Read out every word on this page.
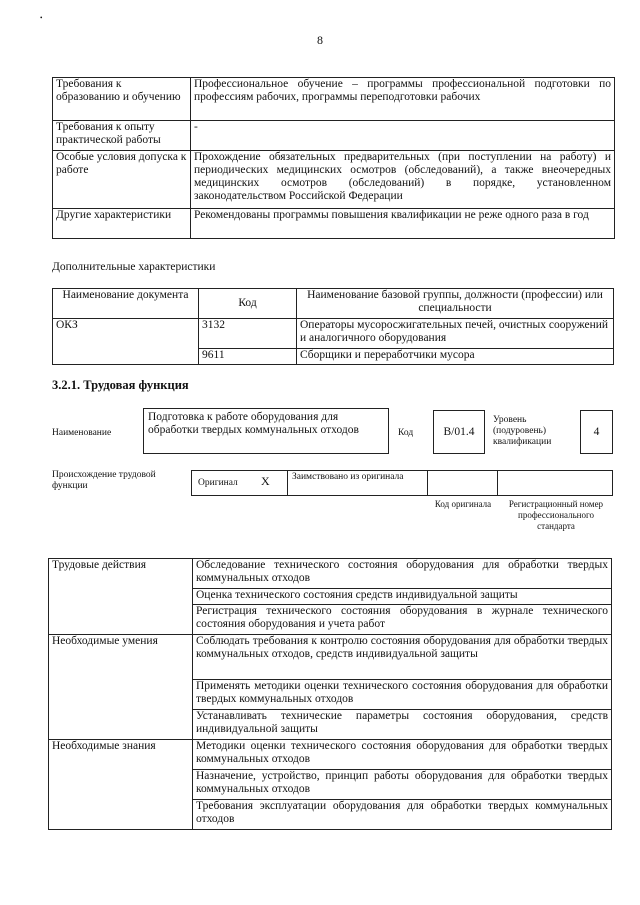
•
8
Требования к образованию и обучению	Профессиональное обучение – программы профессиональной подготовки по профессиям рабочих, программы переподготовки рабочих
Требования к опыту практической работы	-
Особые условия допуска к работе	Прохождение обязательных предварительных (при поступлении на работу) и периодических медицинских осмотров (обследований), а также внеочередных медицинских осмотров (обследований) в порядке, установленном законодательством Российской Федерации
Другие характеристики	Рекомендованы программы повышения квалификации не реже одного раза в год
Дополнительные характеристики
Наименование документа	Код	Наименование базовой группы, должности (профессии) или специальности
ОКЗ	3132	Операторы мусоросжигательных печей, очистных сооружений и аналогичного оборудования
	9611	Сборщики и переработчики мусора
3.2.1. Трудовая функция
Наименование
Подготовка к работе оборудования для обработки твердых коммунальных отходов	Код	B/01.4
Уровень (подуровень) квалификации
4
Происхождение трудовой функции	Оригинал X	Заимствовано из оригинала
Код оригинала	Регистрационный номер профессионального стандарта
Трудовые действия	Обследование технического состояния оборудования для обработки твердых коммунальных отходов
	Оценка технического состояния средств индивидуальной защиты
	Регистрация технического состояния оборудования в журнале технического состояния оборудования и учета работ
Необходимые умения	Соблюдать требования к контролю состояния оборудования для обработки твердых коммунальных отходов, средств индивидуальной защиты
	Применять методики оценки технического состояния оборудования для обработки твердых коммунальных отходов
	Устанавливать технические параметры состояния оборудования, средств индивидуальной защиты
Необходимые знания	Методики оценки технического состояния оборудования для обработки твердых коммунальных отходов
	Назначение, устройство, принцип работы оборудования для обработки твердых коммунальных отходов
	Требования эксплуатации оборудования для обработки твердых коммунальных отходов
